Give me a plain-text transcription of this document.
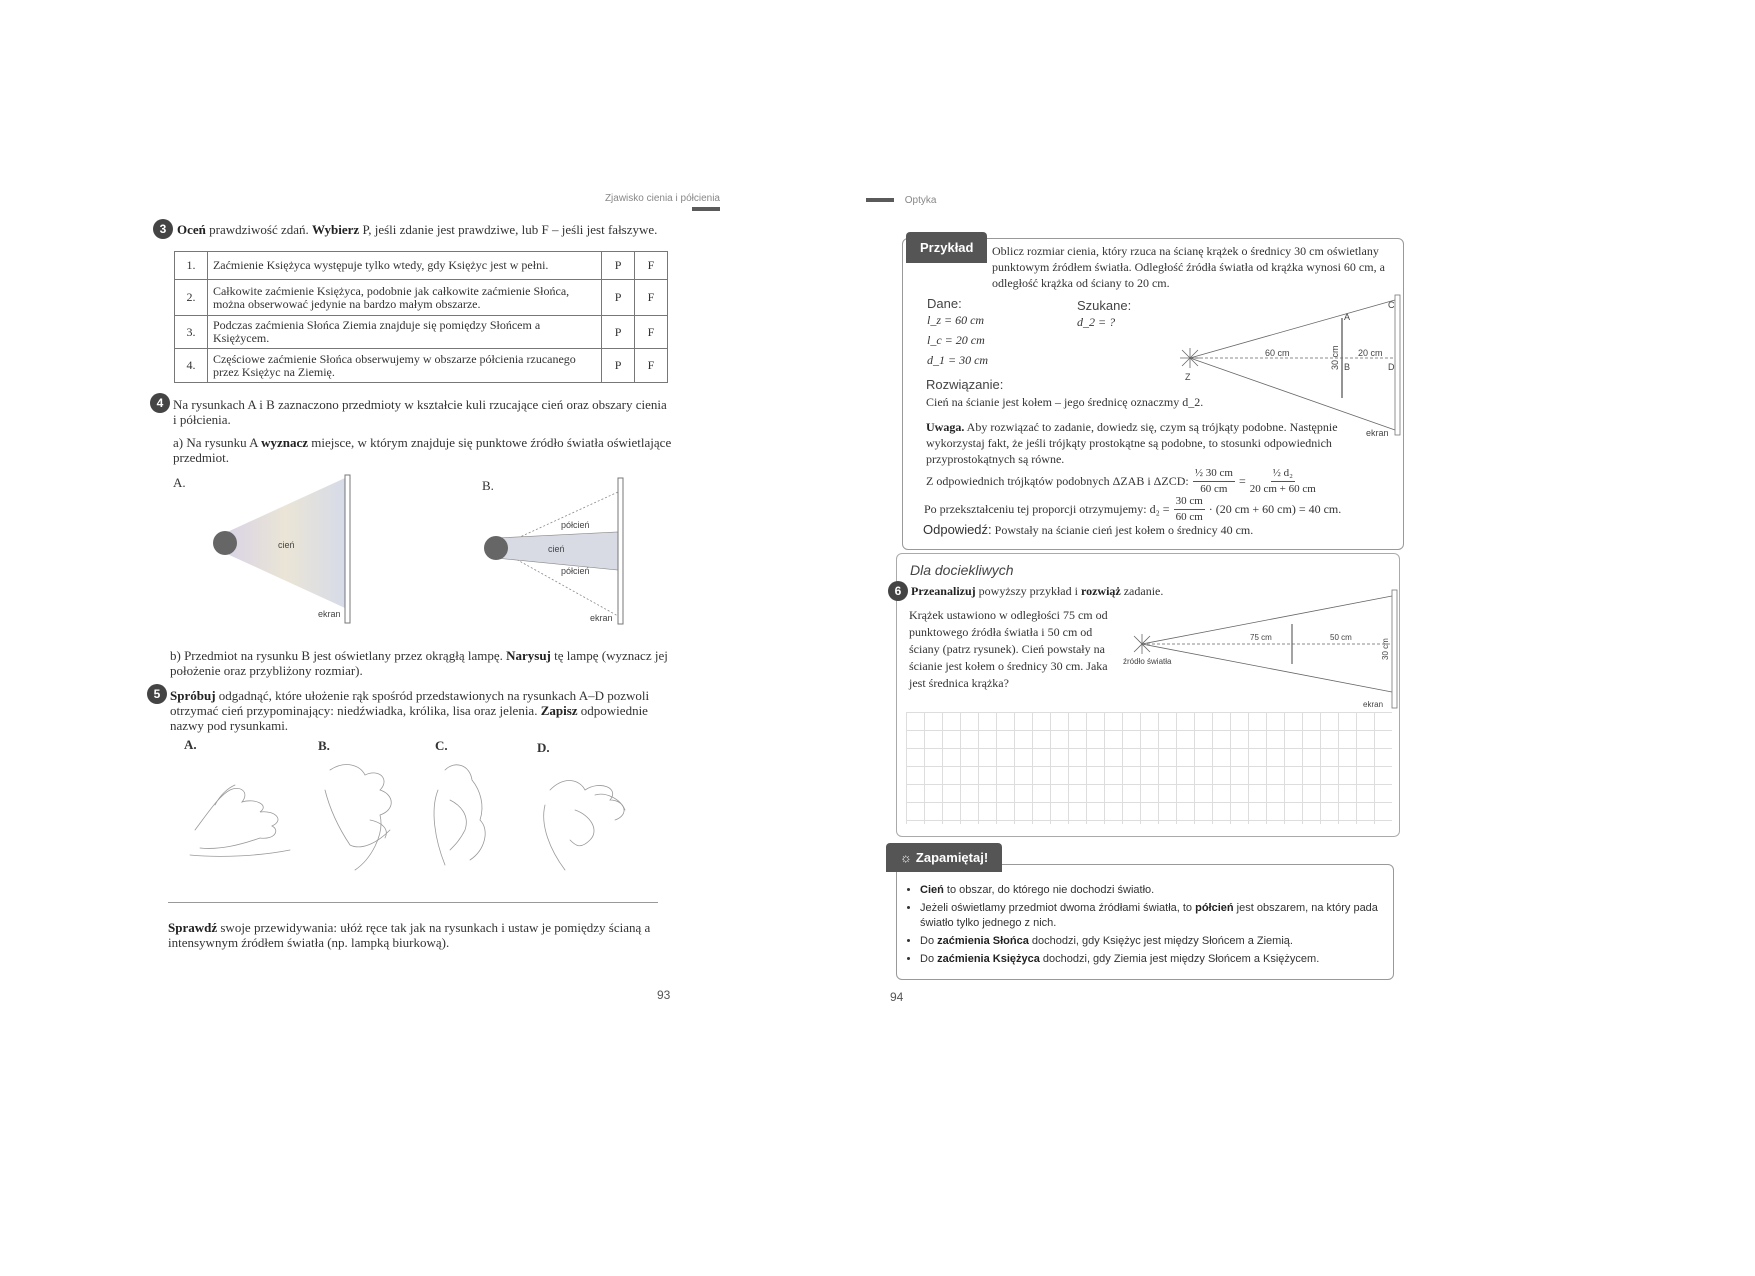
Zjawisko cienia i półcienia
3 Oceń prawdziwość zdań. Wybierz P, jeśli zdanie jest prawdziwe, lub F – jeśli jest fałszywe.
1.	Zaćmienie Księżyca występuje tylko wtedy, gdy Księżyc jest w pełni.	P	F
2.	Całkowite zaćmienie Księżyca, podobnie jak całkowite zaćmienie Słońca, można obserwować jedynie na bardzo małym obszarze.	P	F
3.	Podczas zaćmienia Słońca Ziemia znajduje się pomiędzy Słońcem a Księżycem.	P	F
4.	Częściowe zaćmienie Słońca obserwujemy w obszarze półcienia rzucanego przez Księżyc na Ziemię.	P	F
4 Na rysunkach A i B zaznaczono przedmioty w kształcie kuli rzucające cień oraz obszary cienia i półcienia.
a) Na rysunku A wyznacz miejsce, w którym znajduje się punktowe źródło światła oświetlające przedmiot.
A.	B.
cień
ekran
półcień
cień
półcień
ekran
b) Przedmiot na rysunku B jest oświetlany przez okrągłą lampę. Narysuj tę lampę (wyznacz jej położenie oraz przybliżony rozmiar).
5 Spróbuj odgadnąć, które ułożenie rąk spośród przedstawionych na rysunkach A–D pozwoli otrzymać cień przypominający: niedźwiadka, królika, lisa oraz jelenia. Zapisz odpowiednie nazwy pod rysunkami.
A.	B.	C.	D.
Sprawdź swoje przewidywania: ułóż ręce tak jak na rysunkach i ustaw je pomiędzy ścianą a intensywnym źródłem światła (np. lampką biurkową).
93
Optyka
Przykład	Oblicz rozmiar cienia, który rzuca na ścianę krążek o średnicy 30 cm oświetlany punktowym źródłem światła. Odległość źródła światła od krążka wynosi 60 cm, a odległość krążka od ściany to 20 cm.
Dane:
l_z = 60 cm
l_c = 20 cm
d_1 = 30 cm
Szukane:
d_2 = ?	A
B
C
D
Z
60 cm	20 cm
30 cm
ekran
Rozwiązanie:
Cień na ścianie jest kołem – jego średnicę oznaczmy d_2.
Uwaga. Aby rozwiązać to zadanie, dowiedz się, czym są trójkąty podobne. Następnie wykorzystaj fakt, że jeśli trójkąty prostokątne są podobne, to stosunki odpowiednich przyprostokątnych są równe.
Z odpowiednich trójkątów podobnych ΔZAB i ΔZCD: $\frac{\text{½ 30 cm}}{60 cm} = \frac{\text{½ d₂}}{20 cm + 60 cm}$
Po przekształceniu tej proporcji otrzymujemy: $d_2 = \frac{30 cm}{60 cm} \cdot (20$ cm + 60 cm) = 40 cm.
Odpowiedź: Powstały na ścianie cień jest kołem o średnicy 40 cm.
Dla dociekliwych
6 Przeanalizuj powyższy przykład i rozwiąż zadanie.
Krążek ustawiono w odległości 75 cm od punktowego źródła światła i 50 cm od ściany (patrz rysunek). Cień powstały na ścianie jest kołem o średnicy 30 cm. Jaka jest średnica krążka?
źródło światła
75 cm	50 cm
30 cm
ekran
☼ Zapamiętaj!
• Cień to obszar, do którego nie dochodzi światło.
• Jeżeli oświetlamy przedmiot dwoma źródłami światła, to półcień jest obszarem, na który pada światło tylko jednego z nich.
• Do zaćmienia Słońca dochodzi, gdy Księżyc jest między Słońcem a Ziemią.
• Do zaćmienia Księżyca dochodzi, gdy Ziemia jest między Słońcem a Księżycem.
94
